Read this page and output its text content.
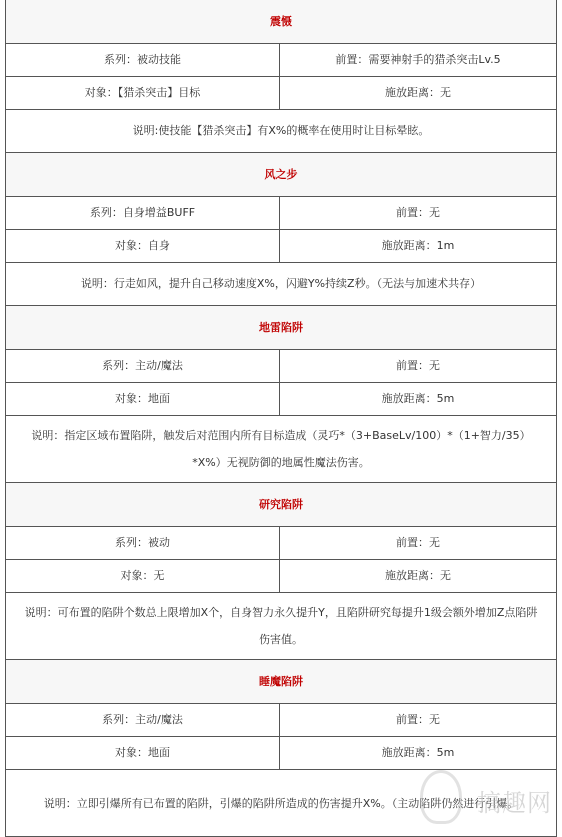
震慑	
系列：被动技能	前置：需要神射手的猎杀突击Lv.5
对象：【猎杀突击】目标	施放距离：无
说明:使技能【猎杀突击】有X%的概率在使用时让目标晕眩。	
风之步	
系列：自身增益BUFF	前置：无
对象：自身	施放距离：1m
说明：行走如风，提升自己移动速度X%，闪避Y%持续Z秒。（无法与加速术共存）	
地雷陷阱	
系列：主动/魔法	前置：无
对象：地面	施放距离：5m
说明：指定区域布置陷阱，触发后对范围内所有目标造成（灵巧*（3+BaseLv/100）*（1+智力/35）*X%）无视防御的地属性魔法伤害。	
研究陷阱	
系列：被动	前置：无
对象：无	施放距离：无
说明：可布置的陷阱个数总上限增加X个，自身智力永久提升Y，且陷阱研究每提升1级会额外增加Z点陷阱伤害值。	
睡魔陷阱	
系列：主动/魔法	前置：无
对象：地面	施放距离：5m
说明：立即引爆所有已布置的陷阱，引爆的陷阱所造成的伤害提升X%。（主动陷阱仍然进行引爆。	
搞趣网
